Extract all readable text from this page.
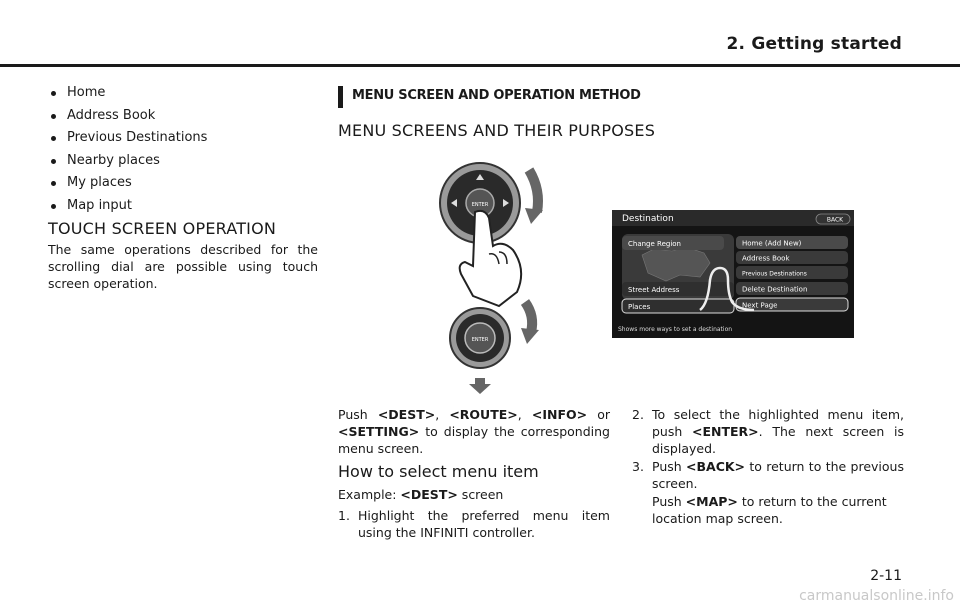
2. Getting started
Home
Address Book
Previous Destinations
Nearby places
My places
Map input
TOUCH SCREEN OPERATION
The same operations described for the scrolling dial are possible using touch screen operation.
MENU SCREEN AND OPERATION METHOD
MENU SCREENS AND THEIR PURPOSES
ENTER
ENTER
Destination	BACK
Change Region
Street Address
Places
Home (Add New)
Address Book
Previous Destinations
Delete Destination
Next Page
Shows more ways to set a destination
Push <DEST>, <ROUTE>, <INFO> or <SETTING> to display the corresponding menu screen.
How to select menu item
Example: <DEST> screen
1. Highlight the preferred menu item using the INFINITI controller.
2. To select the highlighted menu item, push <ENTER>. The next screen is displayed.
3. Push <BACK> to return to the previous screen.
Push <MAP> to return to the current location map screen.
2-11
carmanualsonline.info
